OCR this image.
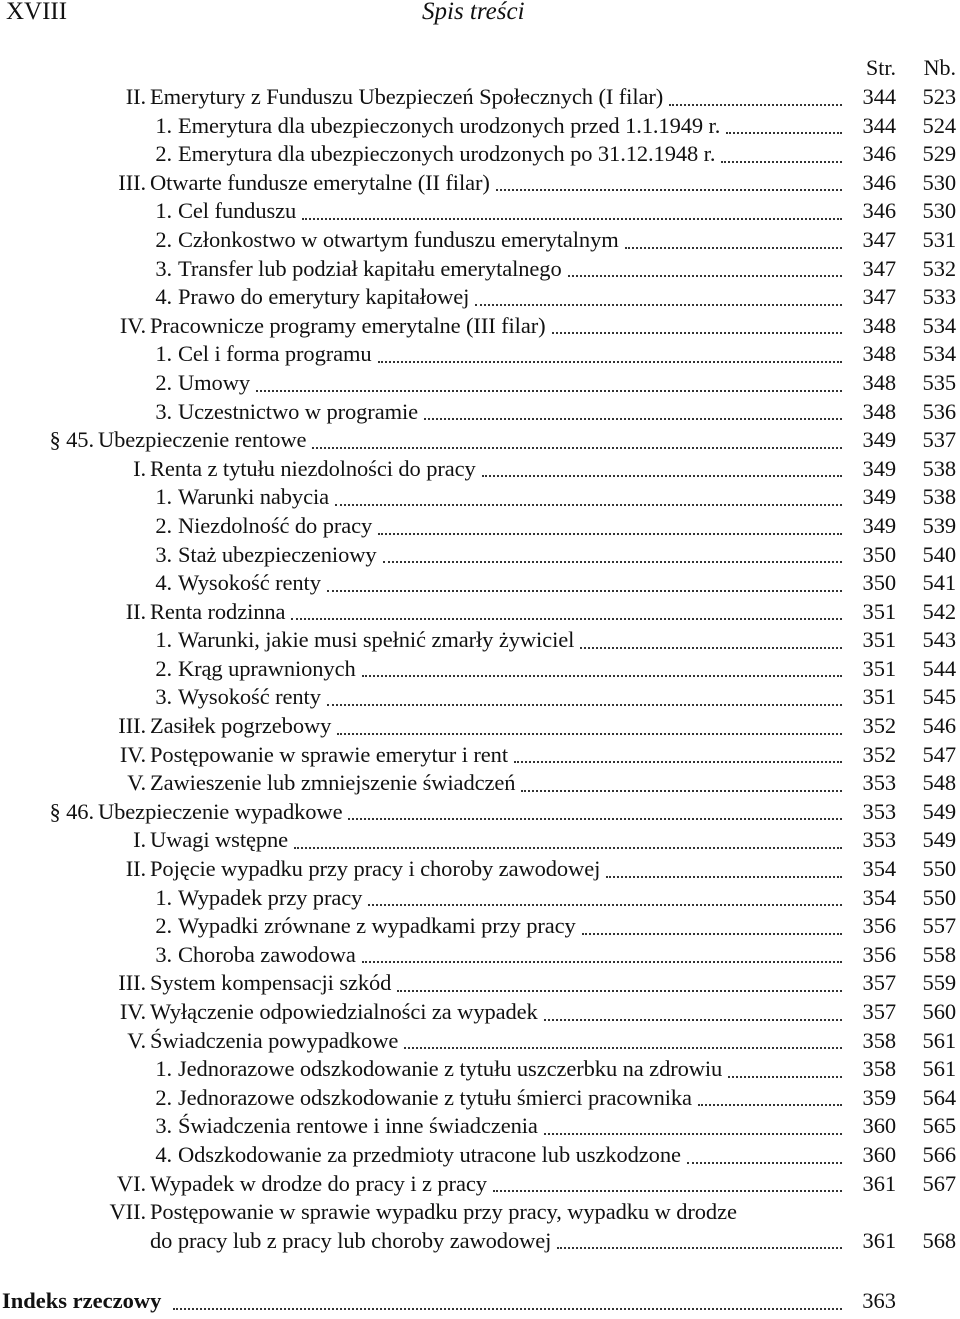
XVIII	Spis treści
Str.	Nb.
II. Emerytury z Funduszu Ubezpieczeń Społecznych (I filar)	344	523
1. Emerytura dla ubezpieczonych urodzonych przed 1.1.1949 r.	344	524
2. Emerytura dla ubezpieczonych urodzonych po 31.12.1948 r.	346	529
III. Otwarte fundusze emerytalne (II filar)	346	530
1. Cel funduszu	346	530
2. Członkostwo w otwartym funduszu emerytalnym	347	531
3. Transfer lub podział kapitału emerytalnego	347	532
4. Prawo do emerytury kapitałowej	347	533
IV. Pracownicze programy emerytalne (III filar)	348	534
1. Cel i forma programu	348	534
2. Umowy	348	535
3. Uczestnictwo w programie	348	536
§ 45. Ubezpieczenie rentowe	349	537
I. Renta z tytułu niezdolności do pracy	349	538
1. Warunki nabycia	349	538
2. Niezdolność do pracy	349	539
3. Staż ubezpieczeniowy	350	540
4. Wysokość renty	350	541
II. Renta rodzinna	351	542
1. Warunki, jakie musi spełnić zmarły żywiciel	351	543
2. Krąg uprawnionych	351	544
3. Wysokość renty	351	545
III. Zasiłek pogrzebowy	352	546
IV. Postępowanie w sprawie emerytur i rent	352	547
V. Zawieszenie lub zmniejszenie świadczeń	353	548
§ 46. Ubezpieczenie wypadkowe	353	549
I. Uwagi wstępne	353	549
II. Pojęcie wypadku przy pracy i choroby zawodowej	354	550
1. Wypadek przy pracy	354	550
2. Wypadki zrównane z wypadkami przy pracy	356	557
3. Choroba zawodowa	356	558
III. System kompensacji szkód	357	559
IV. Wyłączenie odpowiedzialności za wypadek	357	560
V. Świadczenia powypadkowe	358	561
1. Jednorazowe odszkodowanie z tytułu uszczerbku na zdrowiu	358	561
2. Jednorazowe odszkodowanie z tytułu śmierci pracownika	359	564
3. Świadczenia rentowe i inne świadczenia	360	565
4. Odszkodowanie za przedmioty utracone lub uszkodzone	360	566
VI. Wypadek w drodze do pracy i z pracy	361	567
VII. Postępowanie w sprawie wypadku przy pracy, wypadku w drodze
do pracy lub z pracy lub choroby zawodowej	361	568
Indeks rzeczowy	363
